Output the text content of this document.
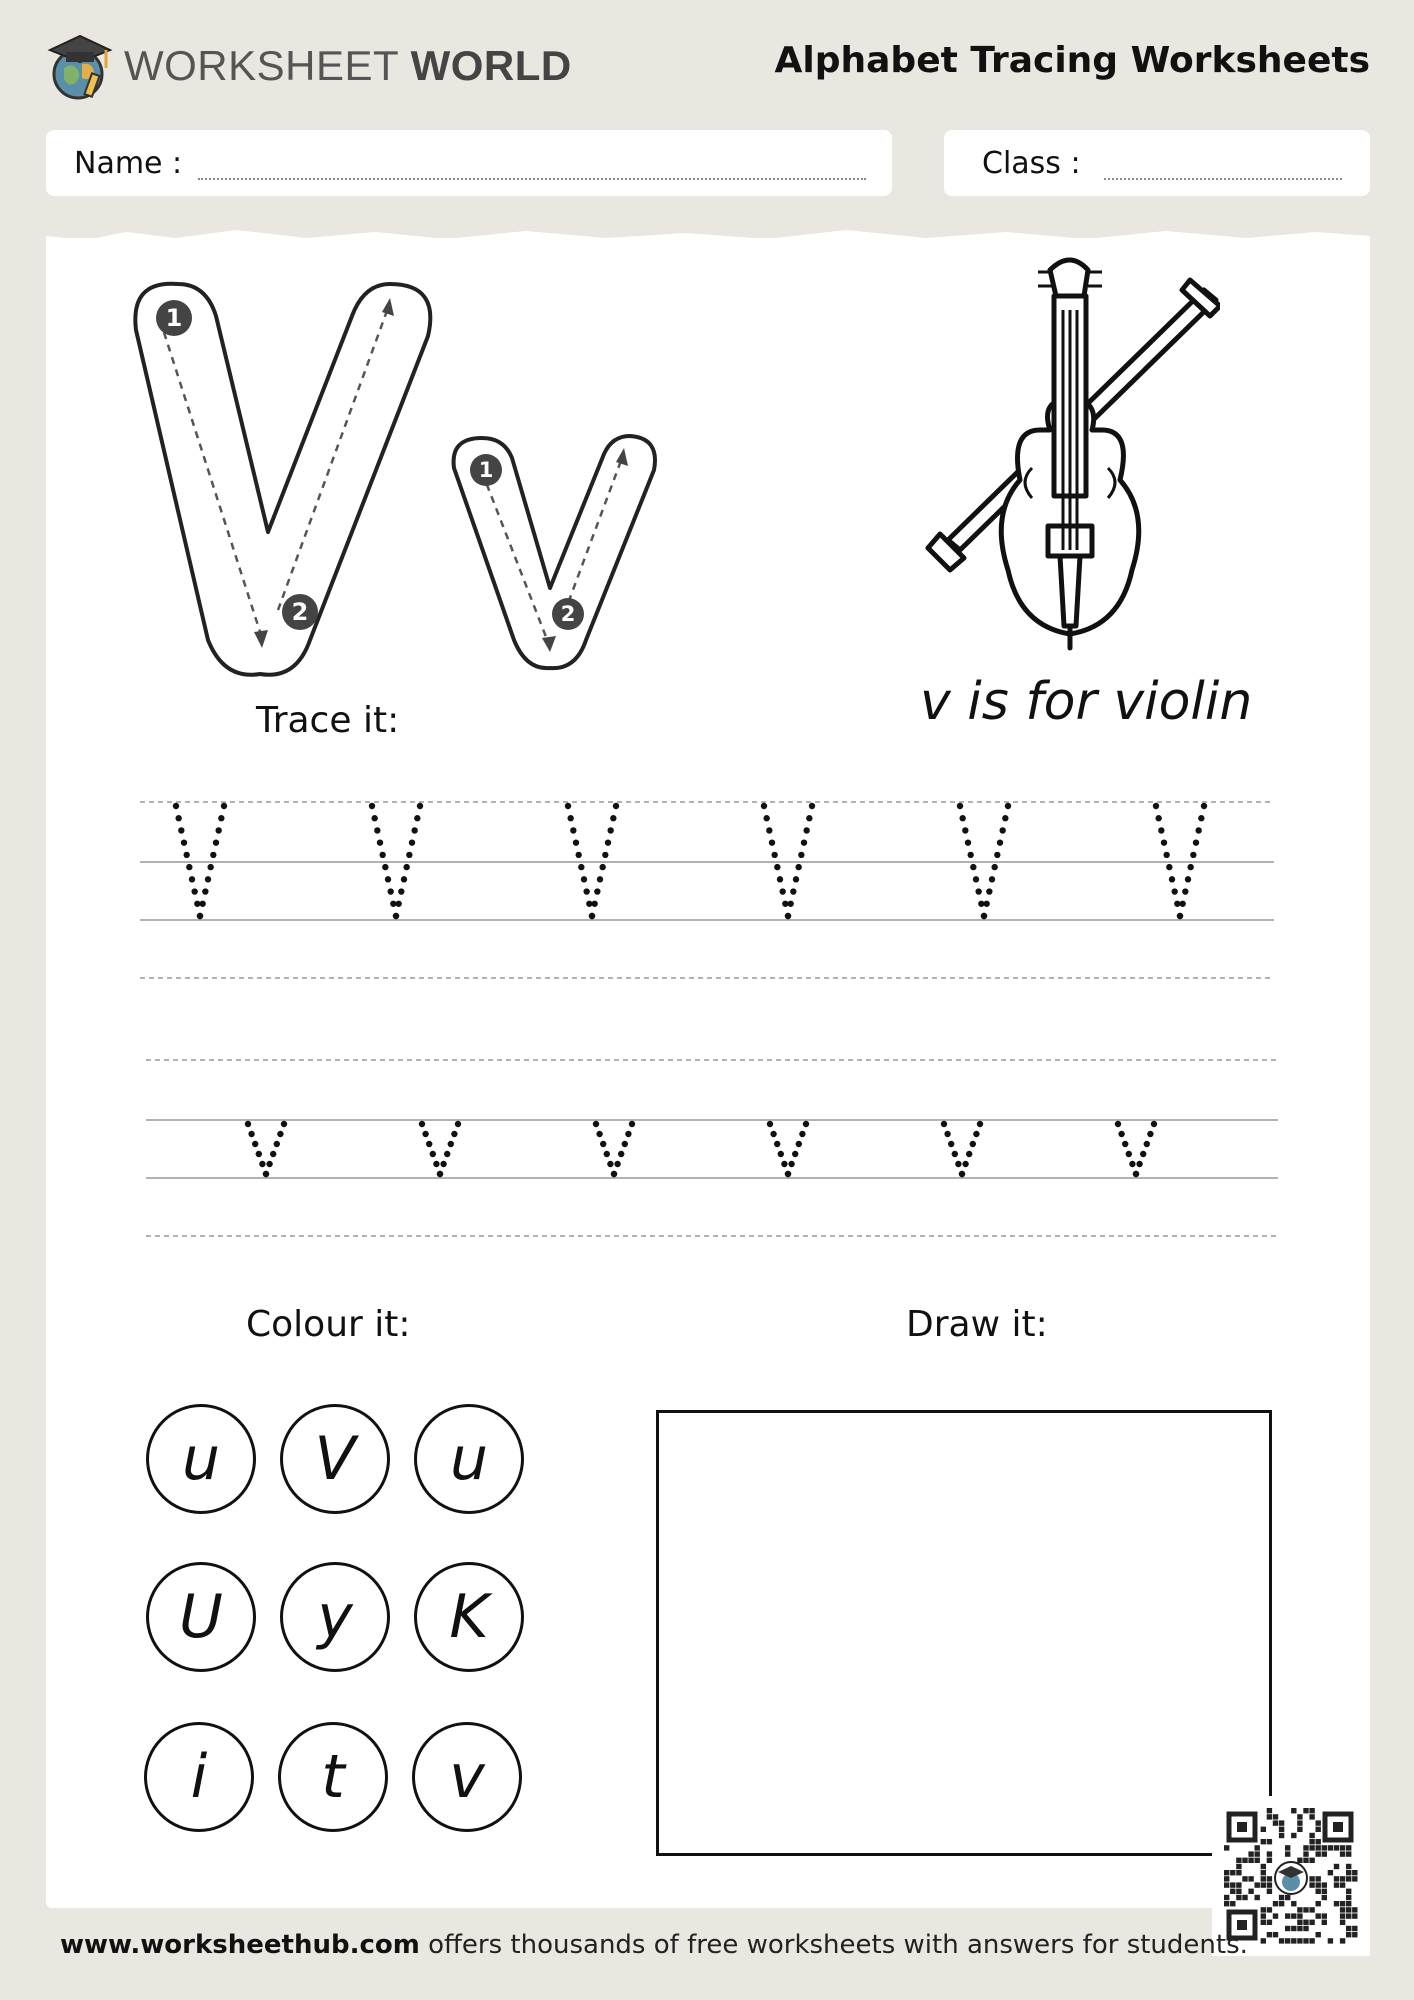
WORKSHEET WORLD	Alphabet Tracing Worksheets
Name :	Class :
1
2
1
2
v is for violin
Trace it:
Colour it:	Draw it:
u	V	u
U	y	K
i	t	v
www.worksheethub.com offers thousands of free worksheets with answers for students.
